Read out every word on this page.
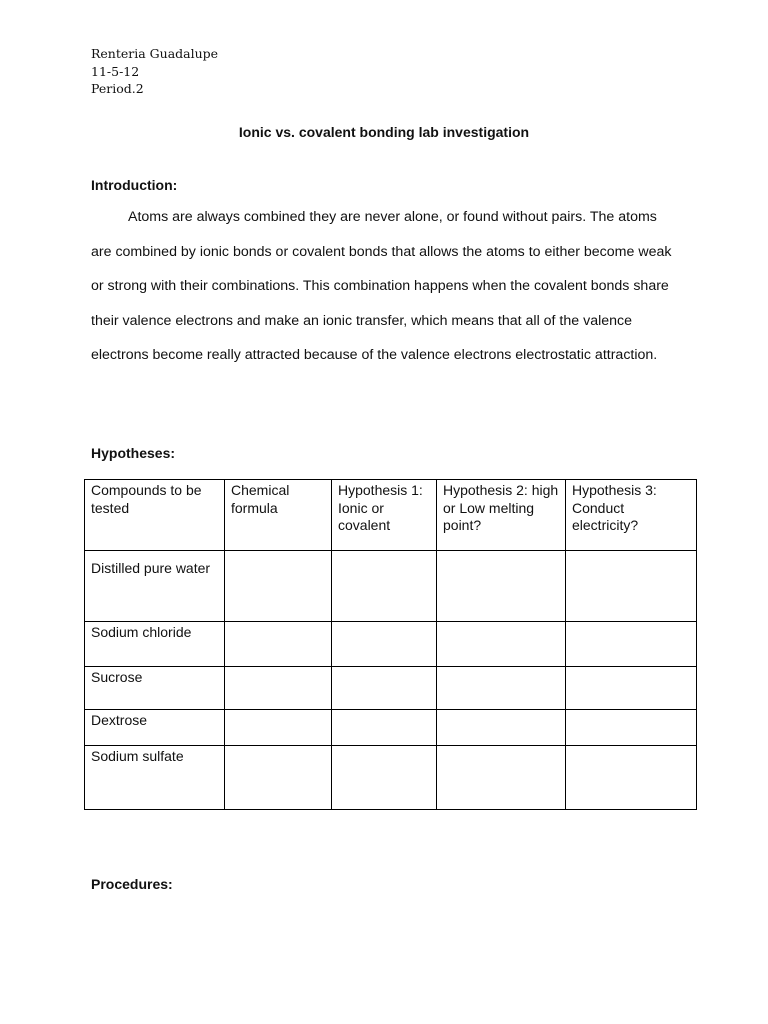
Renteria Guadalupe
11-5-12
Period.2
Ionic vs. covalent bonding lab investigation
Introduction:

Atoms are always combined they are never alone, or found without pairs. The atoms are combined by ionic bonds or covalent bonds that allows the atoms to either become weak or strong with their combinations. This combination happens when the covalent bonds share their valence electrons and make an ionic transfer, which means that all of the valence electrons become really attracted because of the valence electrons electrostatic attraction.

Hypotheses:
Compounds to be tested	Chemical formula	Hypothesis 1: Ionic or covalent	Hypothesis 2: high or Low melting point?	Hypothesis 3: Conduct electricity?
Distilled pure water				
Sodium chloride				
Sucrose				
Dextrose				
Sodium sulfate				
Procedures:
